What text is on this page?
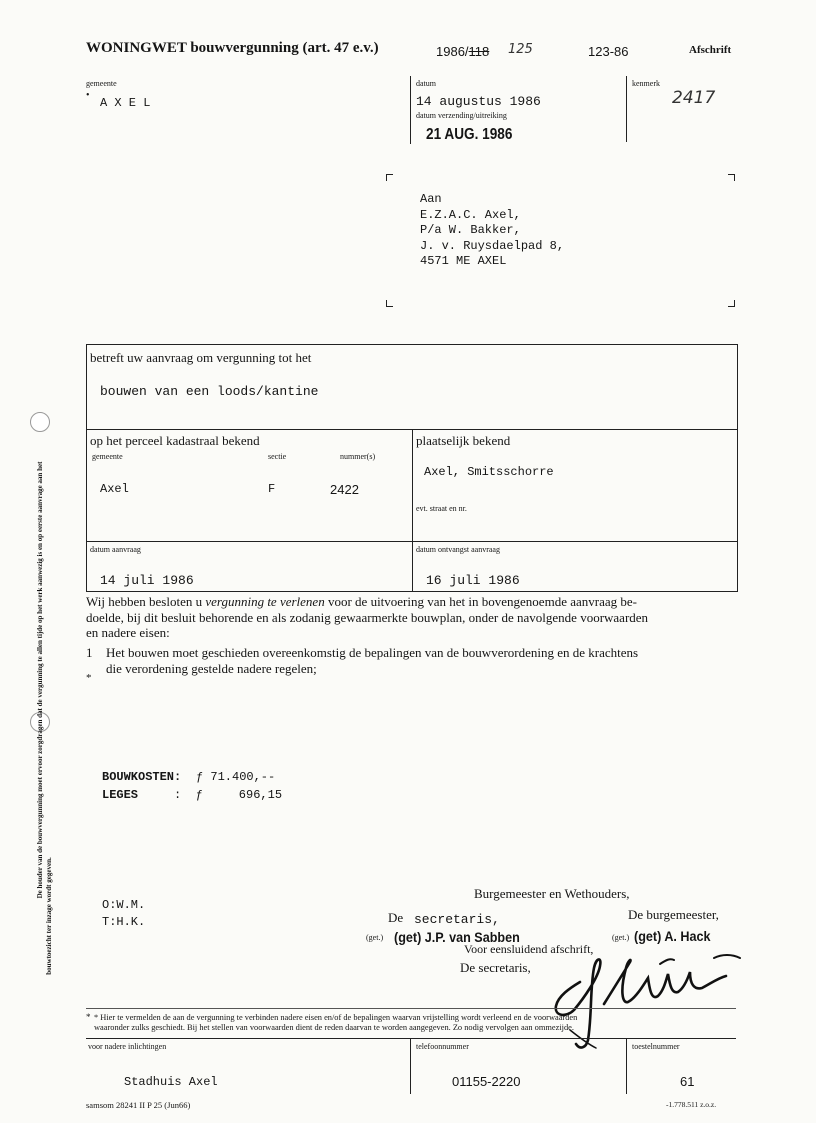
WONINGWET bouwvergunning (art. 47 e.v.)	1986/118 125	123-86	Afschrift
gemeente
A X E L
•
datum
14 augustus 1986
datum verzending/uitreiking
21 AUG. 1986
kenmerk
2417
Aan
E.Z.A.C. Axel,
P/a W. Bakker,
J. v. Ruysdaelpad 8,
4571 ME AXEL
De houder van de bouwvergunning moet ervoor zorgdragen dat de vergunning te allen tijde op het werk aanwezig is en op eerste aanvrage aan het
bouwtoezicht ter inzage wordt gegeven.
betreft uw aanvraag om vergunning tot het
bouwen van een loods/kantine
op het perceel kadastraal bekend
gemeente	sectie	nummer(s)
Axel	F	2422
plaatselijk bekend
Axel, Smitsschorre
evt. straat en nr.
datum aanvraag
14 juli 1986
datum ontvangst aanvraag
16 juli 1986
Wij hebben besloten u vergunning te verlenen voor de uitvoering van het in bovengenoemde aanvraag be-
doelde, bij dit besluit behorende en als zodanig gewaarmerkte bouwplan, onder de navolgende voorwaarden
en nadere eisen:
1 Het bouwen moet geschieden overeenkomstig de bepalingen van de bouwverordening en de krachtens
die verordening gestelde nadere regelen;
*
BOUWKOSTEN: ƒ 71.400,--
LEGES	:  ƒ     696,15
Burgemeester en Wethouders,
O:W.M.
T:H.K.	De secretaris,
(get.) (get) J.P. van Sabben
Voor eensluidend afschrift,
De burgemeester,
(get.) (get) A. Hack
De secretaris,
* * Hier te vermelden de aan de vergunning te verbinden nadere eisen en/of de bepalingen waarvan vrijstelling wordt verleend en de voorwaarden
waaronder zulks geschiedt. Bij het stellen van voorwaarden dient de reden daarvan te worden aangegeven. Zo nodig vervolgen aan ommezijde.
voor nadere inlichtingen
Stadhuis Axel
telefoonnummer
01155-2220
toestelnummer
61
samsom 28241 II P 25 (Jun66)	-1.778.511 z.o.z.
